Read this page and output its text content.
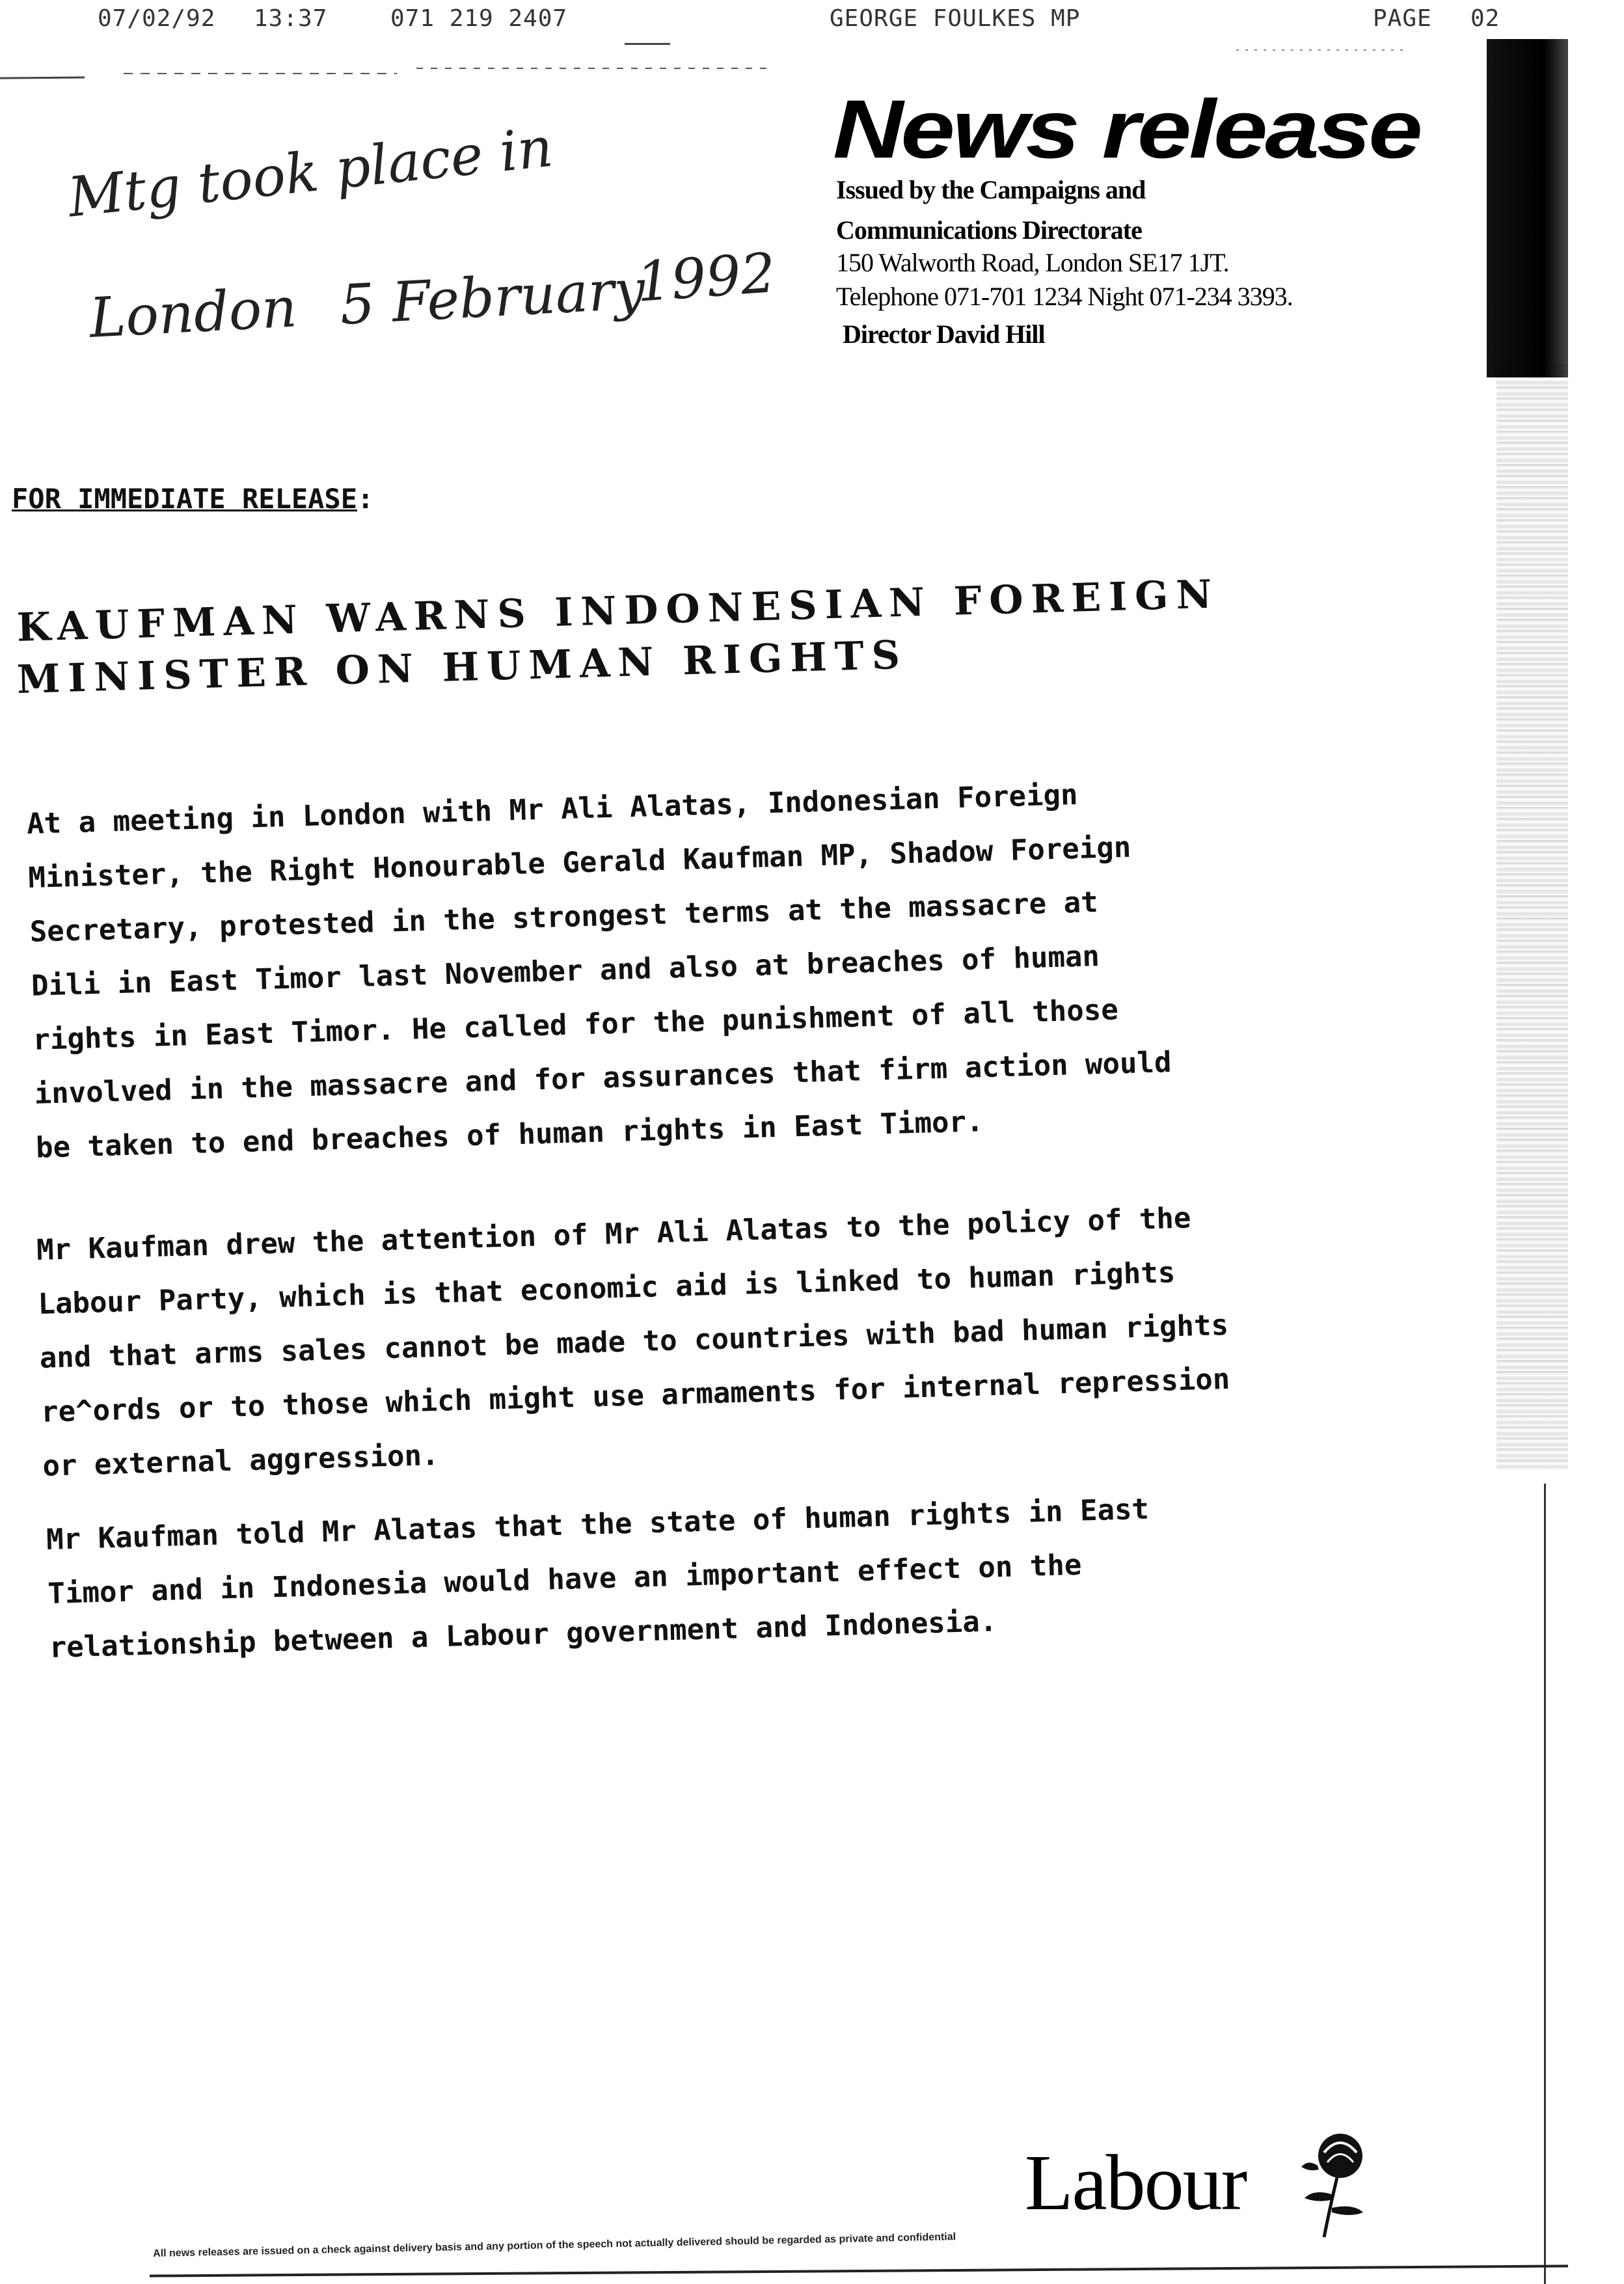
07/02/92 13:37	071 219 2407	GEORGE FOULKES MP	PAGE 02
Mtg took place in
London 5 February
1992
News release
Issued by the Campaigns and
Communications Directorate
150 Walworth Road, London SE17 1JT.
Telephone 071-701 1234 Night 071-234 3393.
Director David Hill
FOR IMMEDIATE RELEASE:
KAUFMAN WARNS INDONESIAN FOREIGN
MINISTER ON HUMAN RIGHTS
At a meeting in London with Mr Ali Alatas, Indonesian Foreign
Minister, the Right Honourable Gerald Kaufman MP, Shadow Foreign
Secretary, protested in the strongest terms at the massacre at
Dili in East Timor last November and also at breaches of human
rights in East Timor. He called for the punishment of all those
involved in the massacre and for assurances that firm action would
be taken to end breaches of human rights in East Timor.
Mr Kaufman drew the attention of Mr Ali Alatas to the policy of the
Labour Party, which is that economic aid is linked to human rights
and that arms sales cannot be made to countries with bad human rights
re^ords or to those which might use armaments for internal repression
or external aggression.
Mr Kaufman told Mr Alatas that the state of human rights in East
Timor and in Indonesia would have an important effect on the
relationship between a Labour government and Indonesia.
Labour
All news releases are issued on a check against delivery basis and any portion of the speech not actually delivered should be regarded as private and confidential
